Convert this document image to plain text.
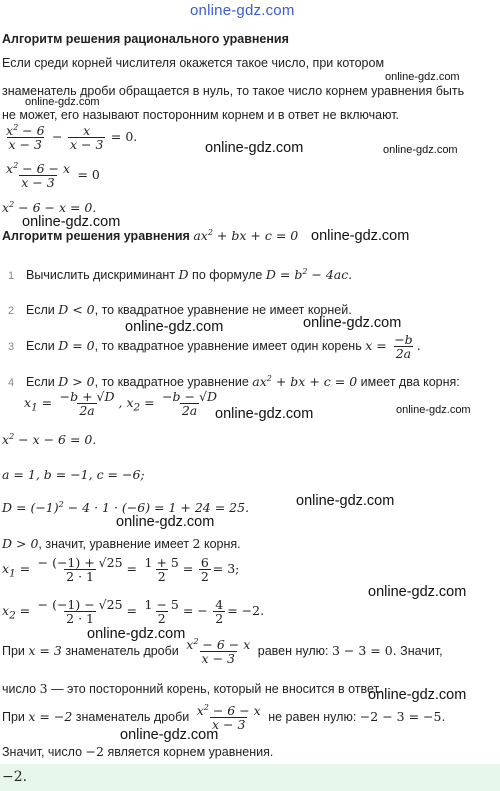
online-gdz.com
Алгоритм решения рационального уравнения
Если среди корней числителя окажется такое число, при котором
знаменатель дроби обращается в нуль, то такое число корнем уравнения быть
не может, его называют посторонним корнем и в ответ не включают.
$\frac{x^2 - 6}{x - 3} - \frac{x}{x - 3} = 0$.
$\frac{x^2 - 6 - x}{x - 3} = 0$
$x^2 - 6 - x = 0$.
Алгоритм решения уравнения $ax^2$ + bx + c = 0
1 Вычислить дискриминант D по формуле $D = b^2 - 4ac$.
2 Если D < 0, то квадратное уравнение не имеет корней.
3 Если D = 0, то квадратное уравнение имеет один корень $x = \frac{-b}{2a}$ .
4 Если D > 0, то квадратное уравнение $ax^2$ + bx + c = 0 имеет два корня:
$x_1 = \frac{-b + √D}{2a}$ , $x_2 = \frac{-b - √D}{2a}$
$x^2 - x - 6 = 0$.
a = 1, b = −1, c = −6;
$D = (-1)^2 - 4 \cdot 1 \cdot (-6) = 1 + 24 = 25$.
D > 0, значит, уравнение имеет 2 корня.
$x_1 = \frac{- (-1) + √25}{2 \cdot 1} = \frac{1 + 5}{2} = \frac{6}{2} = 3$;
$x_2 = \frac{- (-1) - √25}{2 \cdot 1} = \frac{1 - 5}{2}$ = − $\frac{4}{2} = -2$.
При x = 3 знаменатель дроби $\frac{x^2 - 6 - x}{x - 3}$ равен нулю: 3 − 3 = 0. Значит,
число 3 — это посторонний корень, который не вносится в ответ.
При x = −2 знаменатель дроби $\frac{x^2 - 6 - x}{x - 3}$ не равен нулю: −2 − 3 = −5.
Значит, число −2 является корнем уравнения.
−2.
online-gdz.com
online-gdz.com
online-gdz.com	online-gdz.com
online-gdz.com
online-gdz.com
online-gdz.com
online-gdz.com
online-gdz.com
online-gdz.com
online-gdz.com
online-gdz.com
online-gdz.com
online-gdz.com
online-gdz.com
online-gdz.com
